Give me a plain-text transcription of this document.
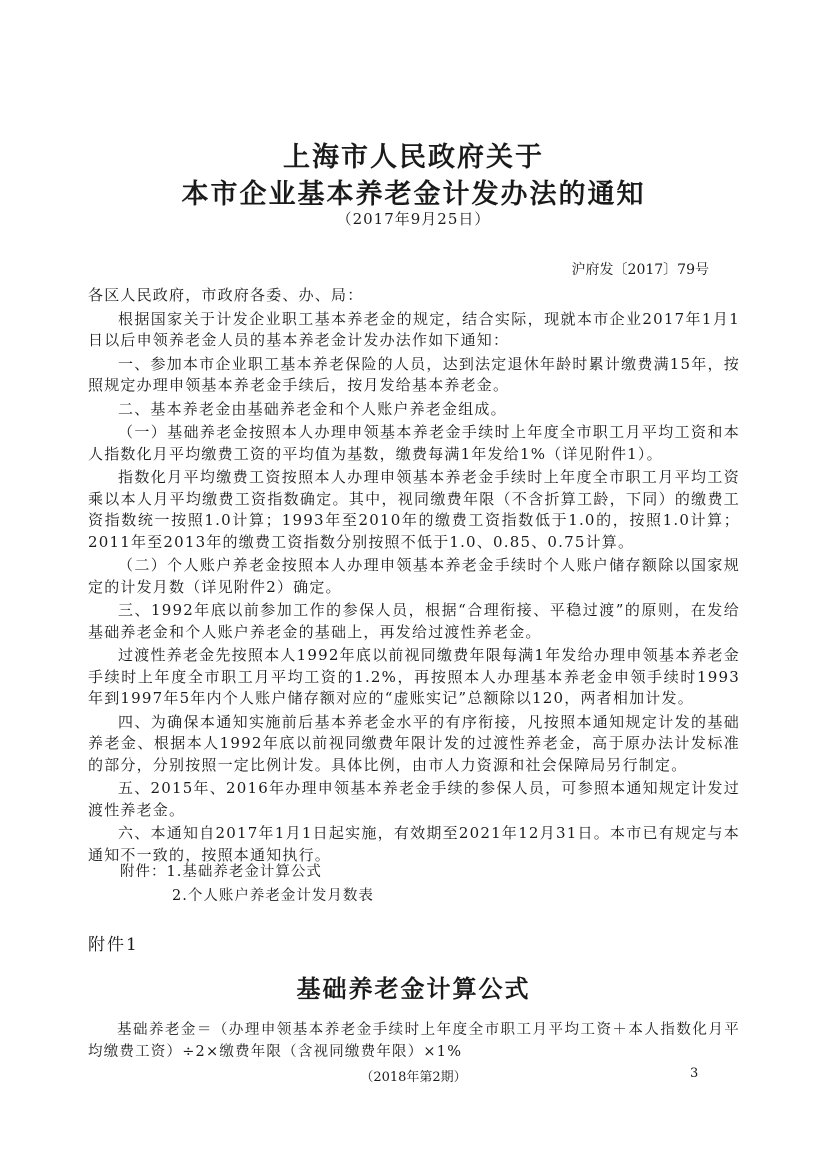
上海市人民政府关于
本市企业基本养老金计发办法的通知
（2017年9月25日）
沪府发〔2017〕79号

各区人民政府，市政府各委、办、局：

根据国家关于计发企业职工基本养老金的规定，结合实际，现就本市企业2017年1月1日以后申领养老金人员的基本养老金计发办法作如下通知：

一、参加本市企业职工基本养老保险的人员，达到法定退休年龄时累计缴费满15年，按照规定办理申领基本养老金手续后，按月发给基本养老金。

二、基本养老金由基础养老金和个人账户养老金组成。

（一）基础养老金按照本人办理申领基本养老金手续时上年度全市职工月平均工资和本人指数化月平均缴费工资的平均值为基数，缴费每满1年发给1%（详见附件1）。

指数化月平均缴费工资按照本人办理申领基本养老金手续时上年度全市职工月平均工资乘以本人月平均缴费工资指数确定。其中，视同缴费年限（不含折算工龄，下同）的缴费工资指数统一按照1.0计算；1993年至2010年的缴费工资指数低于1.0的，按照1.0计算；2011年至2013年的缴费工资指数分别按照不低于1.0、0.85、0.75计算。

（二）个人账户养老金按照本人办理申领基本养老金手续时个人账户储存额除以国家规定的计发月数（详见附件2）确定。

三、1992年底以前参加工作的参保人员，根据“合理衔接、平稳过渡”的原则，在发给基础养老金和个人账户养老金的基础上，再发给过渡性养老金。

过渡性养老金先按照本人1992年底以前视同缴费年限每满1年发给办理申领基本养老金手续时上年度全市职工月平均工资的1.2%，再按照本人办理基本养老金申领手续时1993年到1997年5年内个人账户储存额对应的“虚账实记”总额除以120，两者相加计发。

四、为确保本通知实施前后基本养老金水平的有序衔接，凡按照本通知规定计发的基础养老金、根据本人1992年底以前视同缴费年限计发的过渡性养老金，高于原办法计发标准的部分，分别按照一定比例计发。具体比例，由市人力资源和社会保障局另行制定。

五、2015年、2016年办理申领基本养老金手续的参保人员，可参照本通知规定计发过渡性养老金。

六、本通知自2017年1月1日起实施，有效期至2021年12月31日。本市已有规定与本通知不一致的，按照本通知执行。

附件：1.基础养老金计算公式
2.个人账户养老金计发月数表
附件1
基础养老金计算公式
基础养老金＝（办理申领基本养老金手续时上年度全市职工月平均工资＋本人指数化月平均缴费工资）÷2×缴费年限（含视同缴费年限）×1%
（2018年第2期）	3
